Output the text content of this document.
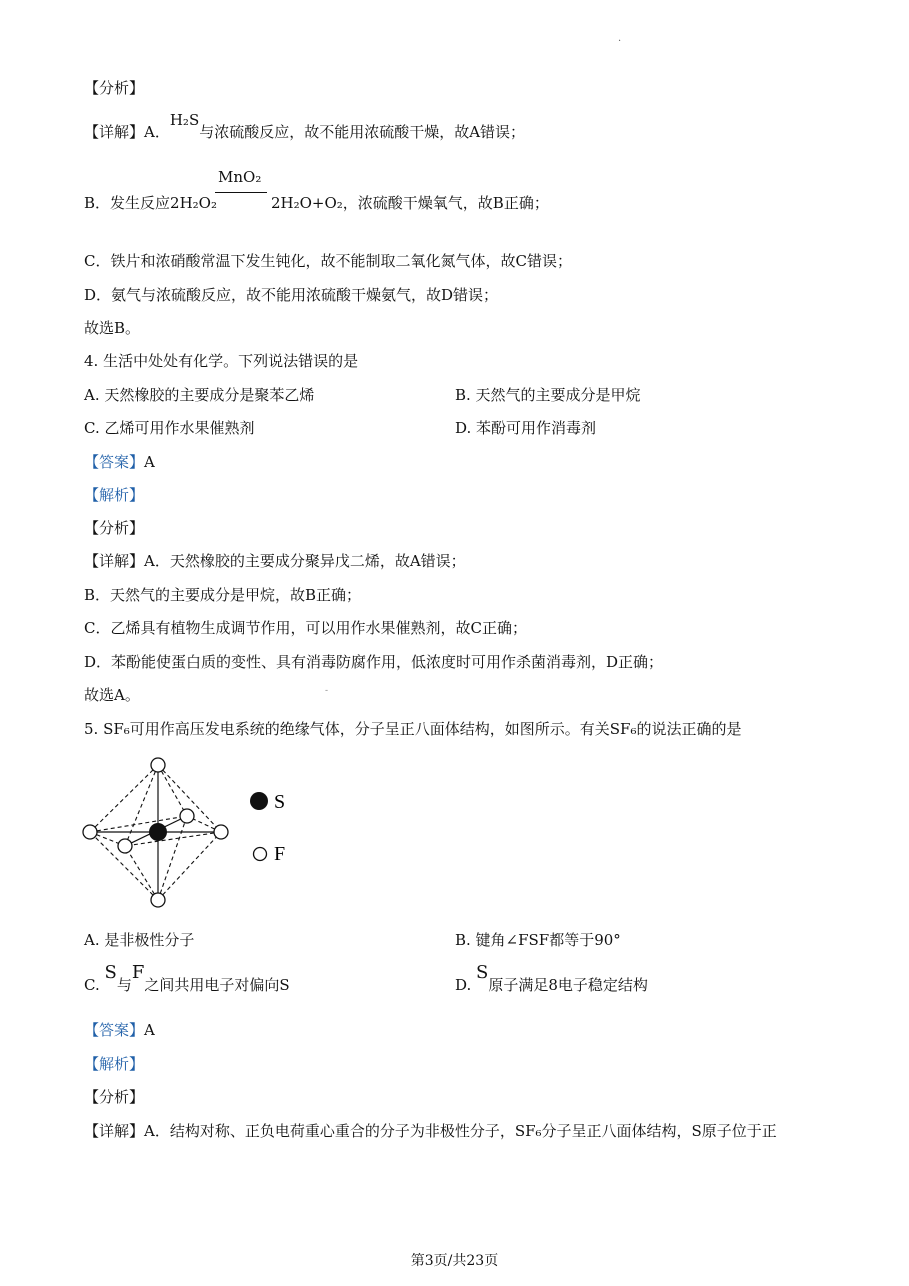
·
【分析】
【详解】A．H₂S与浓硫酸反应，故不能用浓硫酸干燥，故A错误；
MnO₂
B．发生反应2H₂O₂	2H₂O+O₂，浓硫酸干燥氧气，故B正确；
C．铁片和浓硝酸常温下发生钝化，故不能制取二氧化氮气体，故C错误；
D．氨气与浓硫酸反应，故不能用浓硫酸干燥氨气，故D错误；
故选B。
4. 生活中处处有化学。下列说法错误的是
A. 天然橡胶的主要成分是聚苯乙烯	B. 天然气的主要成分是甲烷
C. 乙烯可用作水果催熟剂	D. 苯酚可用作消毒剂
【答案】A
【解析】
【分析】
【详解】A．天然橡胶的主要成分聚异戊二烯，故A错误；
B．天然气的主要成分是甲烷，故B正确；
C．乙烯具有植物生成调节作用，可以用作水果催熟剂，故C正确；
D．苯酚能使蛋白质的变性、具有消毒防腐作用，低浓度时可用作杀菌消毒剂，D正确；
故选A。	-
5. SF₆可用作高压发电系统的绝缘气体，分子呈正八面体结构，如图所示。有关SF₆的说法正确的是
S
F
A. 是非极性分子	B. 键角∠FSF都等于90°
C. S与F之间共用电子对偏向S	D. S原子满足8电子稳定结构
【答案】A
【解析】
【分析】
【详解】A．结构对称、正负电荷重心重合的分子为非极性分子，SF₆分子呈正八面体结构，S原子位于正
第3页/共23页
